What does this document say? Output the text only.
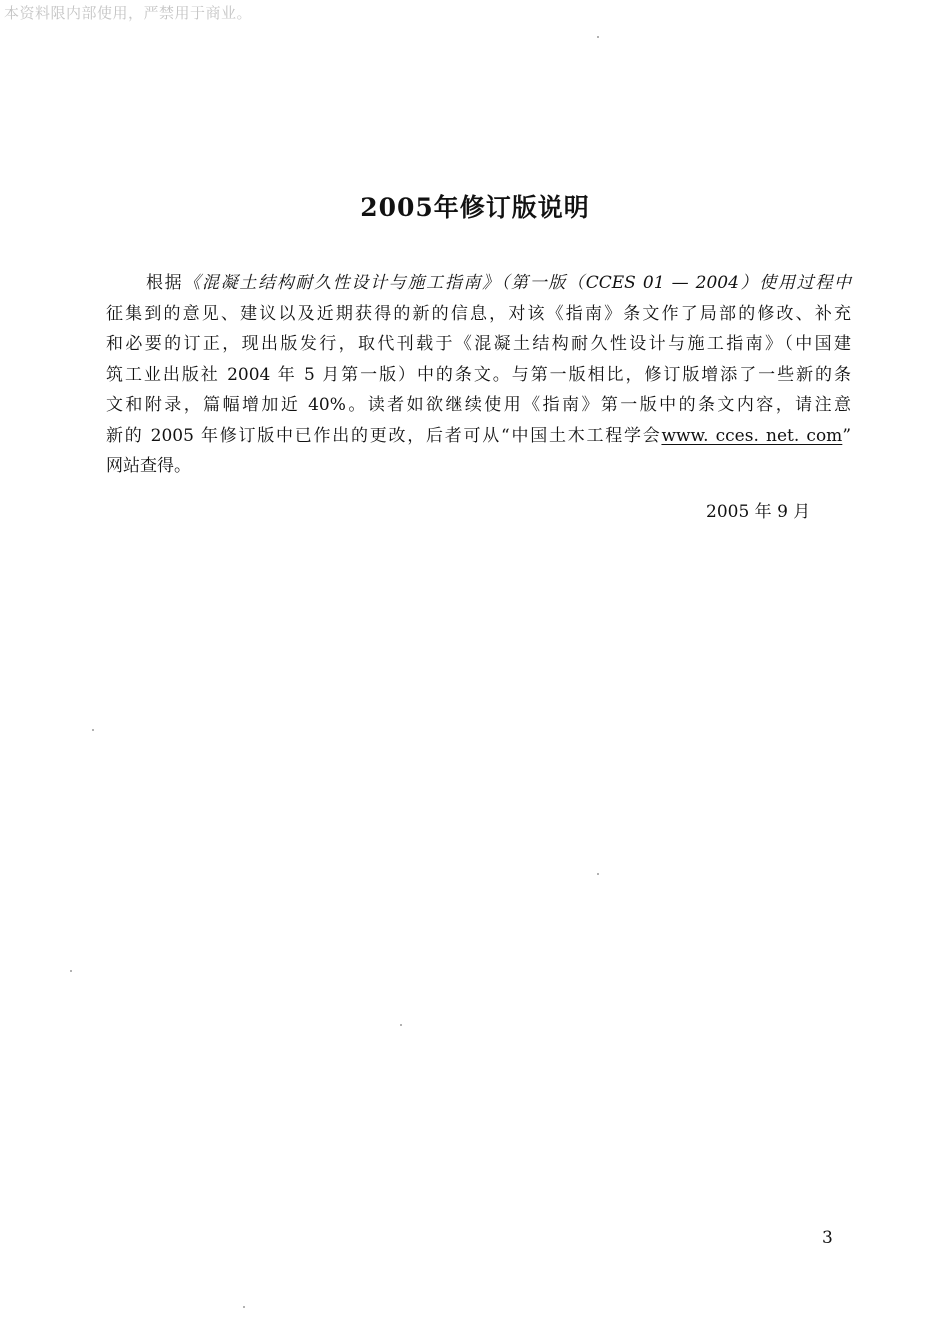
本资料限内部使用，严禁用于商业。
2005年修订版说明
根据《混凝土结构耐久性设计与施工指南》（第一版（CCES 01 — 2004）使用过程中
征集到的意见、建议以及近期获得的新的信息，对该《指南》条文作了局部的修改、补充
和必要的订正，现出版发行，取代刊载于《混凝土结构耐久性设计与施工指南》（中国建
筑工业出版社 2004 年 5 月第一版）中的条文。与第一版相比，修订版增添了一些新的条
文和附录，篇幅增加近 40%。读者如欲继续使用《指南》第一版中的条文内容，请注意
新的 2005 年修订版中已作出的更改，后者可从“中国土木工程学会www. cces. net. com”
网站查得。
2005 年 9 月
3
